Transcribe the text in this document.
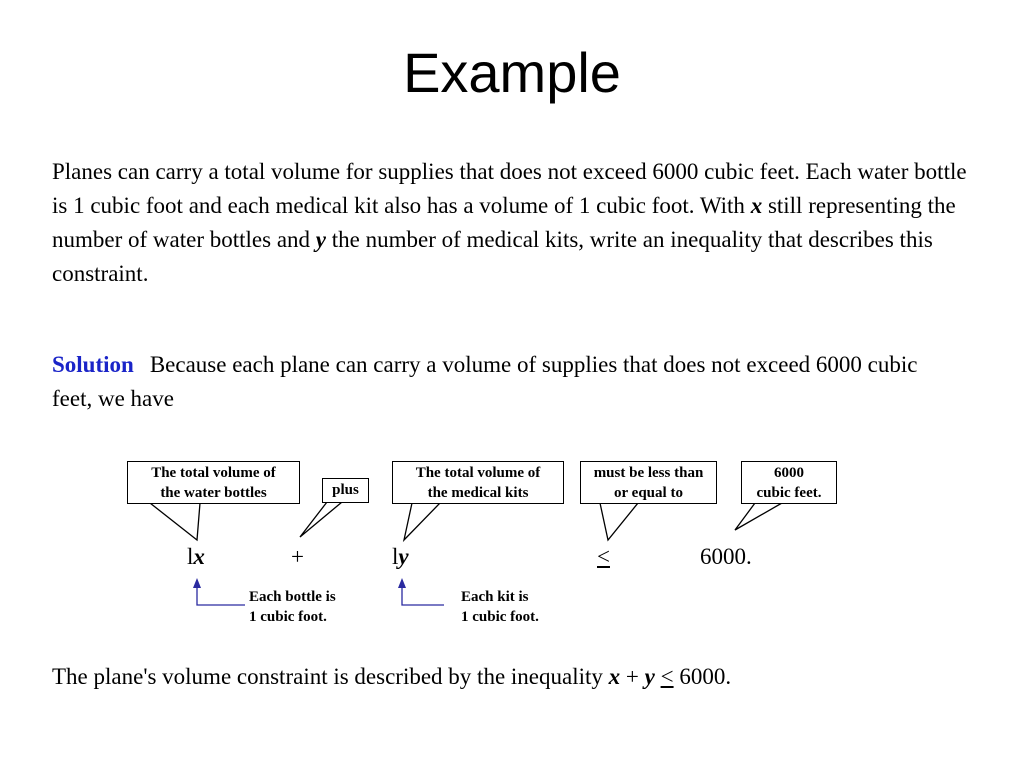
Example
Planes can carry a total volume for supplies that does not exceed 6000 cubic feet. Each water bottle is 1 cubic foot and each medical kit also has a volume of 1 cubic foot. With x still representing the number of water bottles and y the number of medical kits, write an inequality that describes this constraint.
Solution Because each plane can carry a volume of supplies that does not exceed 6000 cubic feet, we have
The total volume of
the water bottles	plus
The total volume of
the medical kits
must be less than
or equal to
6000
cubic feet.
lx	+	ly	≤	6000.
Each bottle is
1 cubic foot.
Each kit is
1 cubic foot.
The plane's volume constraint is described by the inequality x + y ≤ 6000.
